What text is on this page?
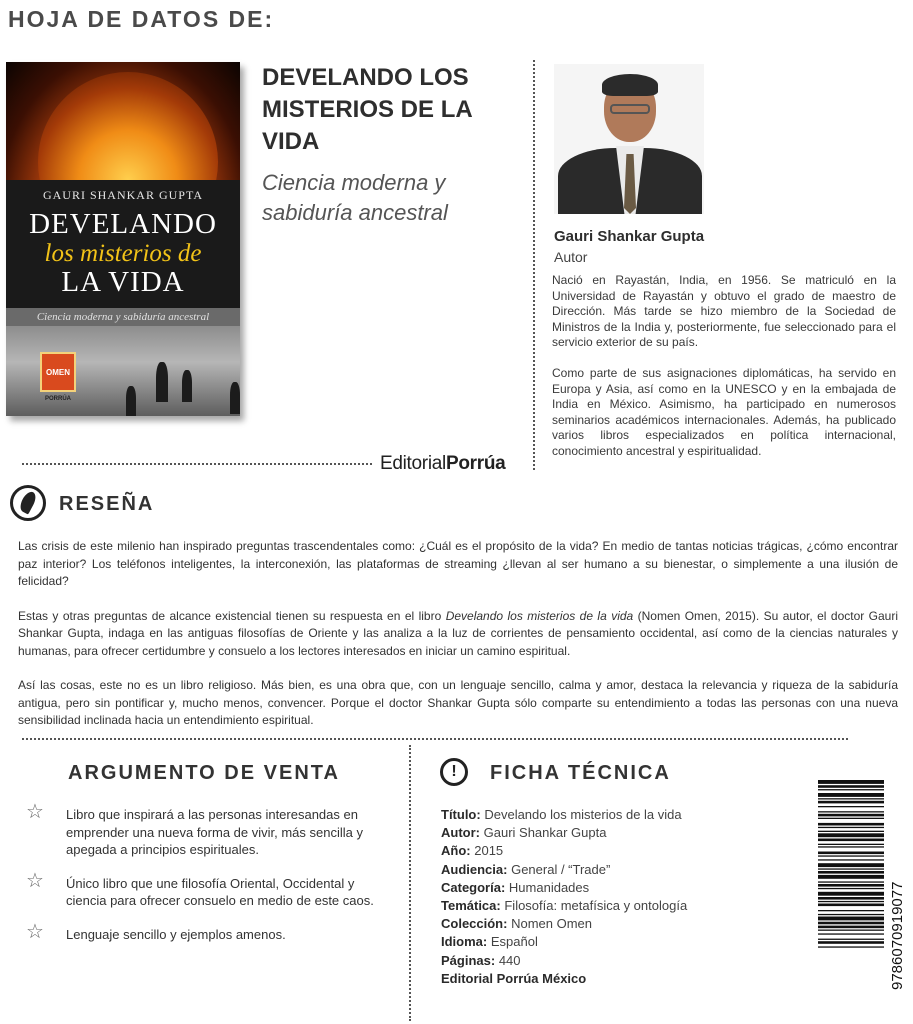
HOJA DE DATOS DE:
GAURI SHANKAR GUPTA
DEVELANDO
los misterios de
LA VIDA
Ciencia moderna y sabiduría ancestral
OMEN
PORRÚA
DEVELANDO LOS MISTERIOS DE LA VIDA
Ciencia moderna y sabiduría ancestral
Gauri Shankar Gupta
Autor

Nació en Rayastán, India, en 1956. Se matriculó en la Universidad de Rayastán y obtuvo el grado de maestro de Dirección. Más tarde se hizo miembro de la Sociedad de Ministros de la India y, posteriormente, fue seleccionado para el servicio exterior de su país.

Como parte de sus asignaciones diplomáticas, ha servido en Europa y Asia, así como en la UNESCO y en la embajada de India en México. Asimismo, ha participado en numerosos seminarios académicos internacionales. Además, ha publicado varios libros especializados en política internacional, conocimiento ancestral y espiritualidad.

EditorialPorrúa
RESEÑA

Las crisis de este milenio han inspirado preguntas trascendentales como: ¿Cuál es el propósito de la vida? En medio de tantas noticias trágicas, ¿cómo encontrar paz interior? Los teléfonos inteligentes, la interconexión, las plataformas de streaming ¿llevan al ser humano a su bienestar, o simplemente a una ilusión de felicidad?

Estas y otras preguntas de alcance existencial tienen su respuesta en el libro Develando los misterios de la vida (Nomen Omen, 2015). Su autor, el doctor Gauri Shankar Gupta, indaga en las antiguas filosofías de Oriente y las analiza a la luz de corrientes de pensamiento occidental, así como de la ciencias naturales y humanas, para ofrecer certidumbre y consuelo a los lectores interesados en iniciar un camino espiritual.

Así las cosas, este no es un libro religioso. Más bien, es una obra que, con un lenguaje sencillo, calma y amor, destaca la relevancia y riqueza de la sabiduría antigua, pero sin pontificar y, mucho menos, convencer. Porque el doctor Shankar Gupta sólo comparte su entendimiento a todas las personas con una nueva sensibilidad inclinada hacia un entendimiento espiritual.

ARGUMENTO DE VENTA
☆ Libro que inspirará a las personas interesandas en emprender una nueva forma de vivir, más sencilla y apegada a principios espirituales.
☆ Único libro que une filosofía Oriental, Occidental y ciencia para ofrecer consuelo en medio de este caos.
☆ Lenguaje sencillo y ejemplos amenos.
!	FICHA TÉCNICA
Título: Develando los misterios de la vida
Autor: Gauri Shankar Gupta
Año: 2015
Audiencia: General / “Trade”
Categoría: Humanidades
Temática: Filosofía: metafísica y ontología
Colección: Nomen Omen
Idioma: Español
Páginas: 440
Editorial Porrúa México	9786070919077
